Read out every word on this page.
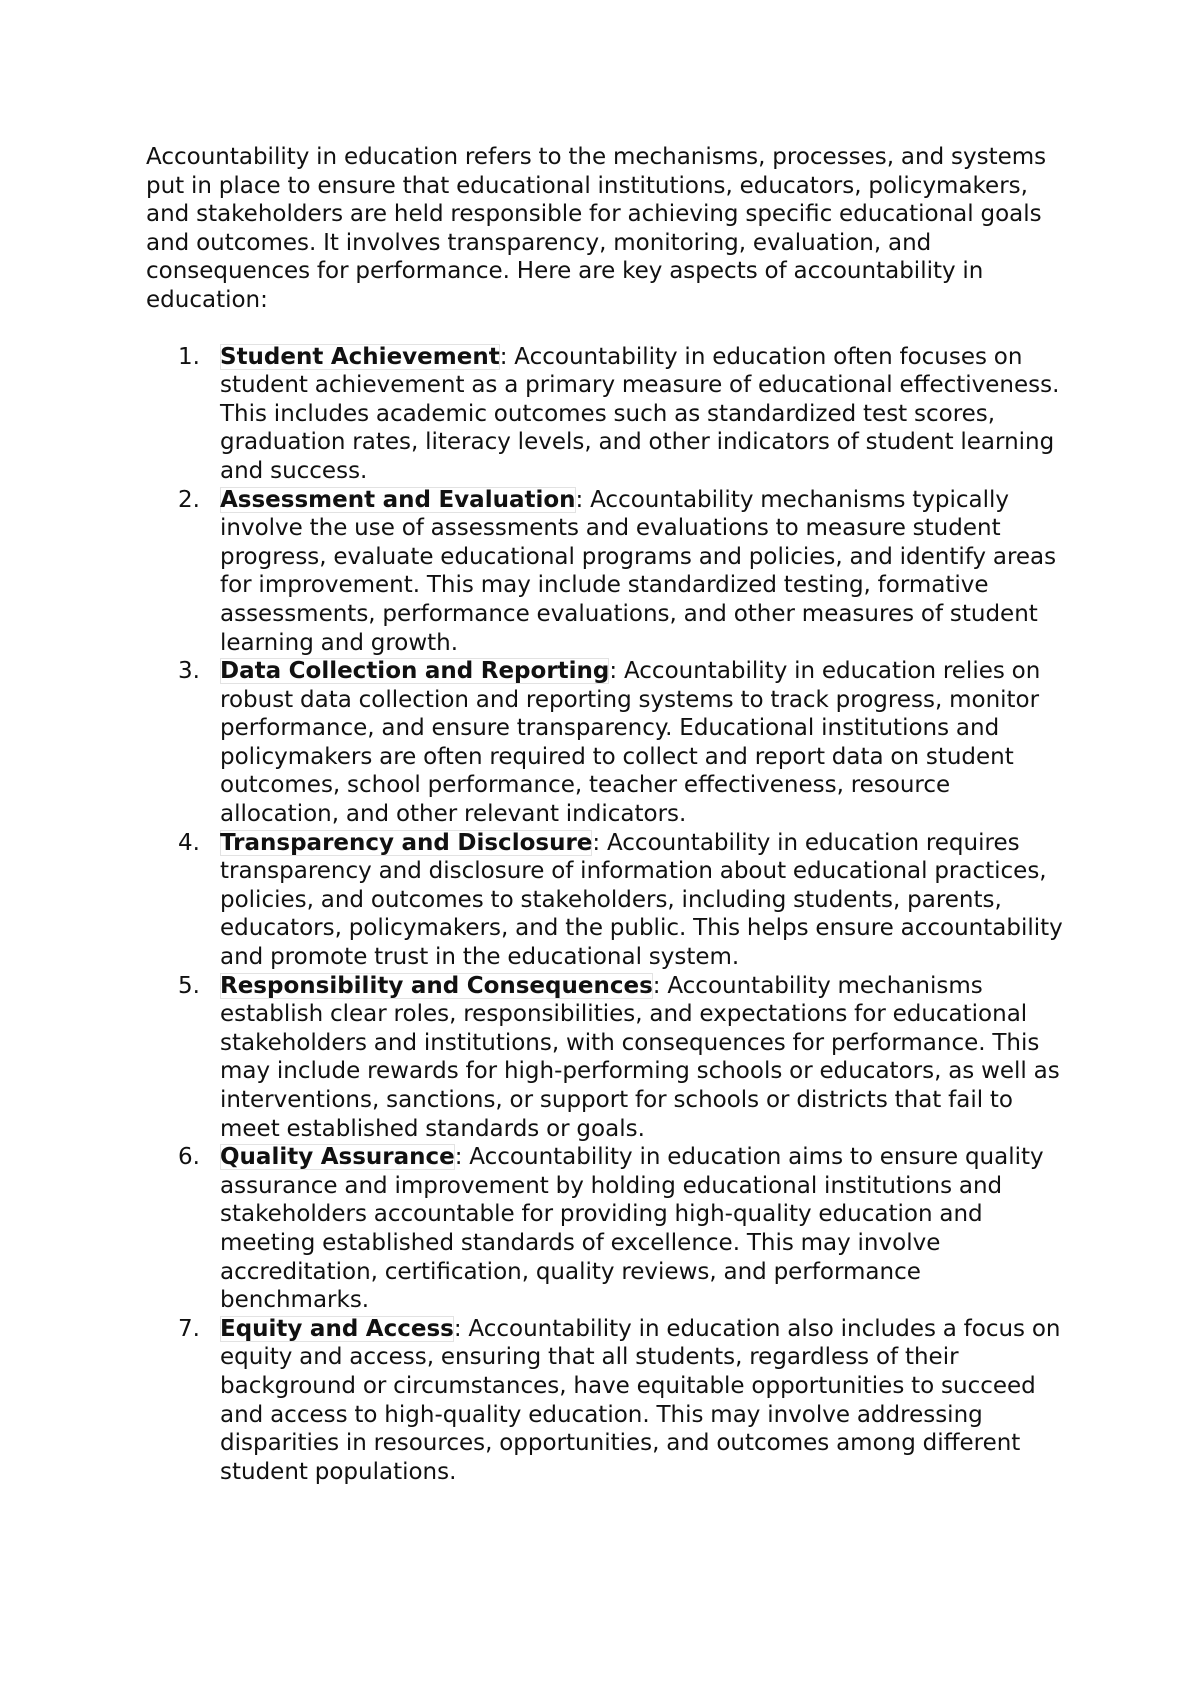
Accountability in education refers to the mechanisms, processes, and systems put in place to ensure that educational institutions, educators, policymakers, and stakeholders are held responsible for achieving specific educational goals and outcomes. It involves transparency, monitoring, evaluation, and consequences for performance. Here are key aspects of accountability in education:

1. Student Achievement: Accountability in education often focuses on student achievement as a primary measure of educational effectiveness. This includes academic outcomes such as standardized test scores, graduation rates, literacy levels, and other indicators of student learning and success.
2. Assessment and Evaluation: Accountability mechanisms typically involve the use of assessments and evaluations to measure student progress, evaluate educational programs and policies, and identify areas for improvement. This may include standardized testing, formative assessments, performance evaluations, and other measures of student learning and growth.
3. Data Collection and Reporting: Accountability in education relies on robust data collection and reporting systems to track progress, monitor performance, and ensure transparency. Educational institutions and policymakers are often required to collect and report data on student outcomes, school performance, teacher effectiveness, resource allocation, and other relevant indicators.
4. Transparency and Disclosure: Accountability in education requires transparency and disclosure of information about educational practices, policies, and outcomes to stakeholders, including students, parents, educators, policymakers, and the public. This helps ensure accountability and promote trust in the educational system.
5. Responsibility and Consequences: Accountability mechanisms establish clear roles, responsibilities, and expectations for educational stakeholders and institutions, with consequences for performance. This may include rewards for high-performing schools or educators, as well as interventions, sanctions, or support for schools or districts that fail to meet established standards or goals.
6. Quality Assurance: Accountability in education aims to ensure quality assurance and improvement by holding educational institutions and stakeholders accountable for providing high-quality education and meeting established standards of excellence. This may involve accreditation, certification, quality reviews, and performance benchmarks.
7. Equity and Access: Accountability in education also includes a focus on equity and access, ensuring that all students, regardless of their background or circumstances, have equitable opportunities to succeed and access to high-quality education. This may involve addressing disparities in resources, opportunities, and outcomes among different student populations.
